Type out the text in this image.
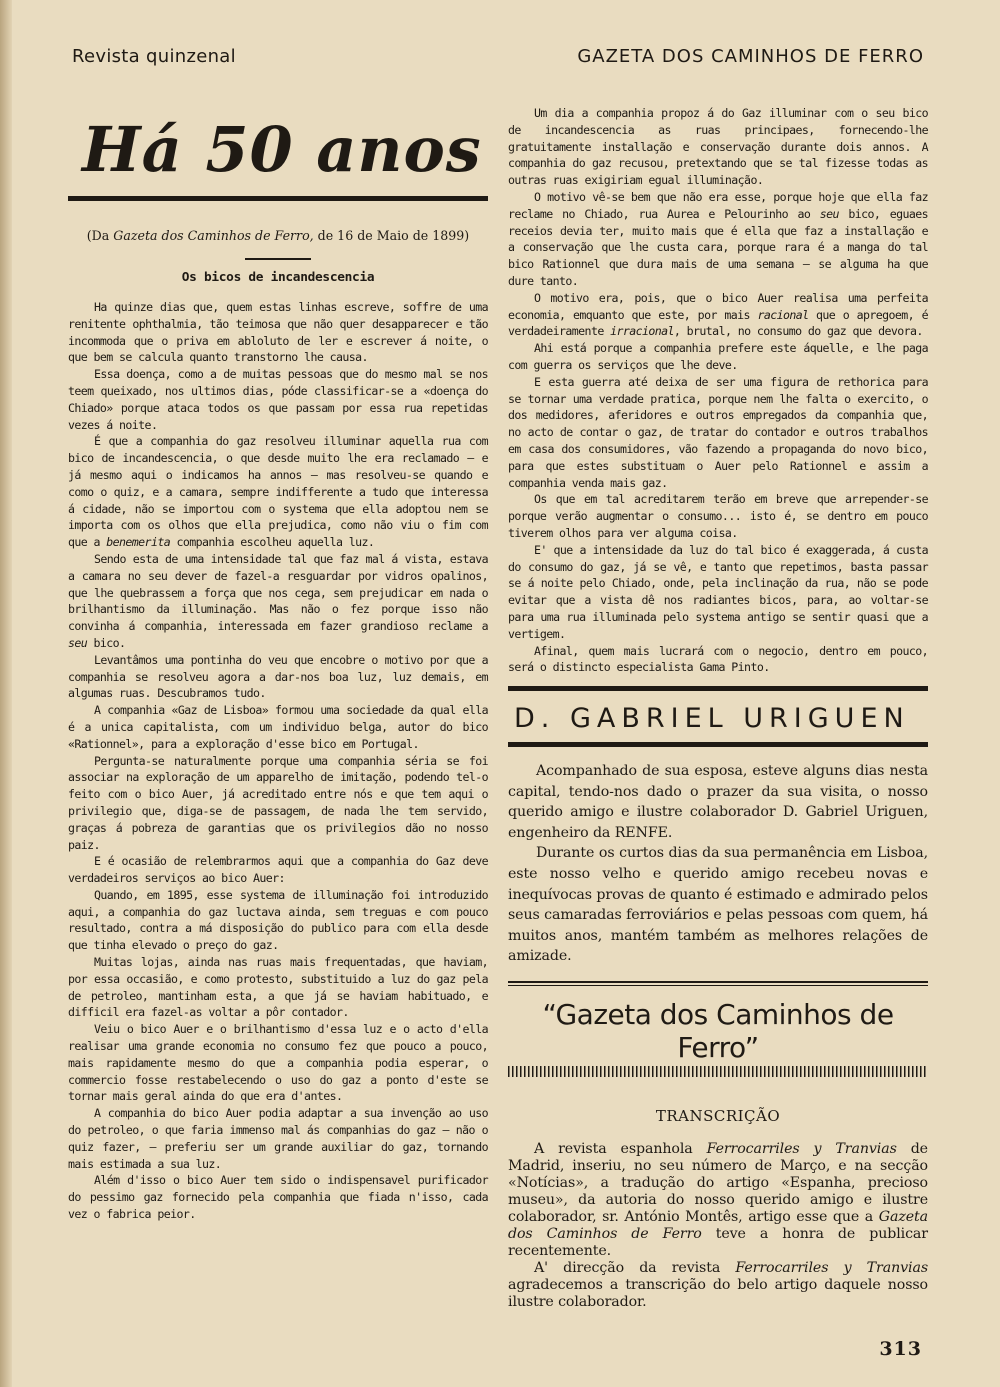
Revista quinzenal	GAZETA DOS CAMINHOS DE FERRO
Há 50 anos
(Da Gazeta dos Caminhos de Ferro, de 16 de Maio de 1899)
Os bicos de incandescencia

Ha quinze dias que, quem estas linhas escreve, soffre de uma renitente ophthalmia, tão teimosa que não quer desapparecer e tão incommoda que o priva em abloluto de ler e escrever á noite, o que bem se calcula quanto transtorno lhe causa.

Essa doença, como a de muitas pessoas que do mesmo mal se nos teem queixado, nos ultimos dias, póde classificar-se a «doença do Chiado» porque ataca todos os que passam por essa rua repetidas vezes á noite.

É que a companhia do gaz resolveu illuminar aquella rua com bico de incandescencia, o que desde muito lhe era reclamado — e já mesmo aqui o indicamos ha annos — mas resolveu-se quando e como o quiz, e a camara, sempre indifferente a tudo que interessa á cidade, não se importou com o systema que ella adoptou nem se importa com os olhos que ella prejudica, como não viu o fim com que a benemerita companhia escolheu aquella luz.

Sendo esta de uma intensidade tal que faz mal á vista, estava a camara no seu dever de fazel-a resguardar por vidros opalinos, que lhe quebrassem a força que nos cega, sem prejudicar em nada o brilhantismo da illuminação. Mas não o fez porque isso não convinha á companhia, interessada em fazer grandioso reclame a seu bico.

Levantâmos uma pontinha do veu que encobre o motivo por que a companhia se resolveu agora a dar-nos boa luz, luz demais, em algumas ruas. Descubramos tudo.

A companhia «Gaz de Lisboa» formou uma sociedade da qual ella é a unica capitalista, com um individuo belga, autor do bico «Rationnel», para a exploração d'esse bico em Portugal.

Pergunta-se naturalmente porque uma companhia séria se foi associar na exploração de um apparelho de imitação, podendo tel-o feito com o bico Auer, já acreditado entre nós e que tem aqui o privilegio que, diga-se de passagem, de nada lhe tem servido, graças á pobreza de garantias que os privilegios dão no nosso paiz.

E é ocasião de relembrarmos aqui que a companhia do Gaz deve verdadeiros serviços ao bico Auer:

Quando, em 1895, esse systema de illuminação foi introduzido aqui, a companhia do gaz luctava ainda, sem treguas e com pouco resultado, contra a má disposição do publico para com ella desde que tinha elevado o preço do gaz.

Muitas lojas, ainda nas ruas mais frequentadas, que haviam, por essa occasião, e como protesto, substituido a luz do gaz pela de petroleo, mantinham esta, a que já se haviam habituado, e difficil era fazel-as voltar a pôr contador.

Veiu o bico Auer e o brilhantismo d'essa luz e o acto d'ella realisar uma grande economia no consumo fez que pouco a pouco, mais rapidamente mesmo do que a companhia podia esperar, o commercio fosse restabelecendo o uso do gaz a ponto d'este se tornar mais geral ainda do que era d'antes.

A companhia do bico Auer podia adaptar a sua invenção ao uso do petroleo, o que faria immenso mal ás companhias do gaz — não o quiz fazer, — preferiu ser um grande auxiliar do gaz, tornando mais estimada a sua luz.

Além d'isso o bico Auer tem sido o indispensavel purificador do pessimo gaz fornecido pela companhia que fiada n'isso, cada vez o fabrica peior.

Um dia a companhia propoz á do Gaz illuminar com o seu bico de incandescencia as ruas principaes, fornecendo-lhe gratuitamente installação e conservação durante dois annos. A companhia do gaz recusou, pretextando que se tal fizesse todas as outras ruas exigiriam egual illuminação.

O motivo vê-se bem que não era esse, porque hoje que ella faz reclame no Chiado, rua Aurea e Pelourinho ao seu bico, eguaes receios devia ter, muito mais que é ella que faz a installação e a conservação que lhe custa cara, porque rara é a manga do tal bico Rationnel que dura mais de uma semana — se alguma ha que dure tanto.

O motivo era, pois, que o bico Auer realisa uma perfeita economia, emquanto que este, por mais racional que o apregoem, é verdadeiramente irracional, brutal, no consumo do gaz que devora.

Ahi está porque a companhia prefere este áquelle, e lhe paga com guerra os serviços que lhe deve.

E esta guerra até deixa de ser uma figura de rethorica para se tornar uma verdade pratica, porque nem lhe falta o exercito, o dos medidores, aferidores e outros empregados da companhia que, no acto de contar o gaz, de tratar do contador e outros trabalhos em casa dos consumidores, vão fazendo a propaganda do novo bico, para que estes substituam o Auer pelo Rationnel e assim a companhia venda mais gaz.

Os que em tal acreditarem terão em breve que arrepender-se porque verão augmentar o consumo... isto é, se dentro em pouco tiverem olhos para ver alguma coisa.

E' que a intensidade da luz do tal bico é exaggerada, á custa do consumo do gaz, já se vê, e tanto que repetimos, basta passar se á noite pelo Chiado, onde, pela inclinação da rua, não se pode evitar que a vista dê nos radiantes bicos, para, ao voltar-se para uma rua illuminada pelo systema antigo se sentir quasi que a vertigem.

Afinal, quem mais lucrará com o negocio, dentro em pouco, será o distincto especialista Gama Pinto.

D. GABRIEL URIGUEN

Acompanhado de sua esposa, esteve alguns dias nesta capital, tendo-nos dado o prazer da sua visita, o nosso querido amigo e ilustre colaborador D. Gabriel Uriguen, engenheiro da RENFE.

Durante os curtos dias da sua permanência em Lisboa, este nosso velho e querido amigo recebeu novas e inequívocas provas de quanto é estimado e admirado pelos seus camaradas ferroviários e pelas pessoas com quem, há muitos anos, mantém também as melhores relações de amizade.

“Gazeta dos Caminhos de Ferro”
TRANSCRIÇÃO

A revista espanhola Ferrocarriles y Tranvias de Madrid, inseriu, no seu número de Março, e na secção «Notícias», a tradução do artigo «Espanha, precioso museu», da autoria do nosso querido amigo e ilustre colaborador, sr. António Montês, artigo esse que a Gazeta dos Caminhos de Ferro teve a honra de publicar recentemente.

A' direcção da revista Ferrocarriles y Tranvias agradecemos a transcrição do belo artigo daquele nosso ilustre colaborador.

313
